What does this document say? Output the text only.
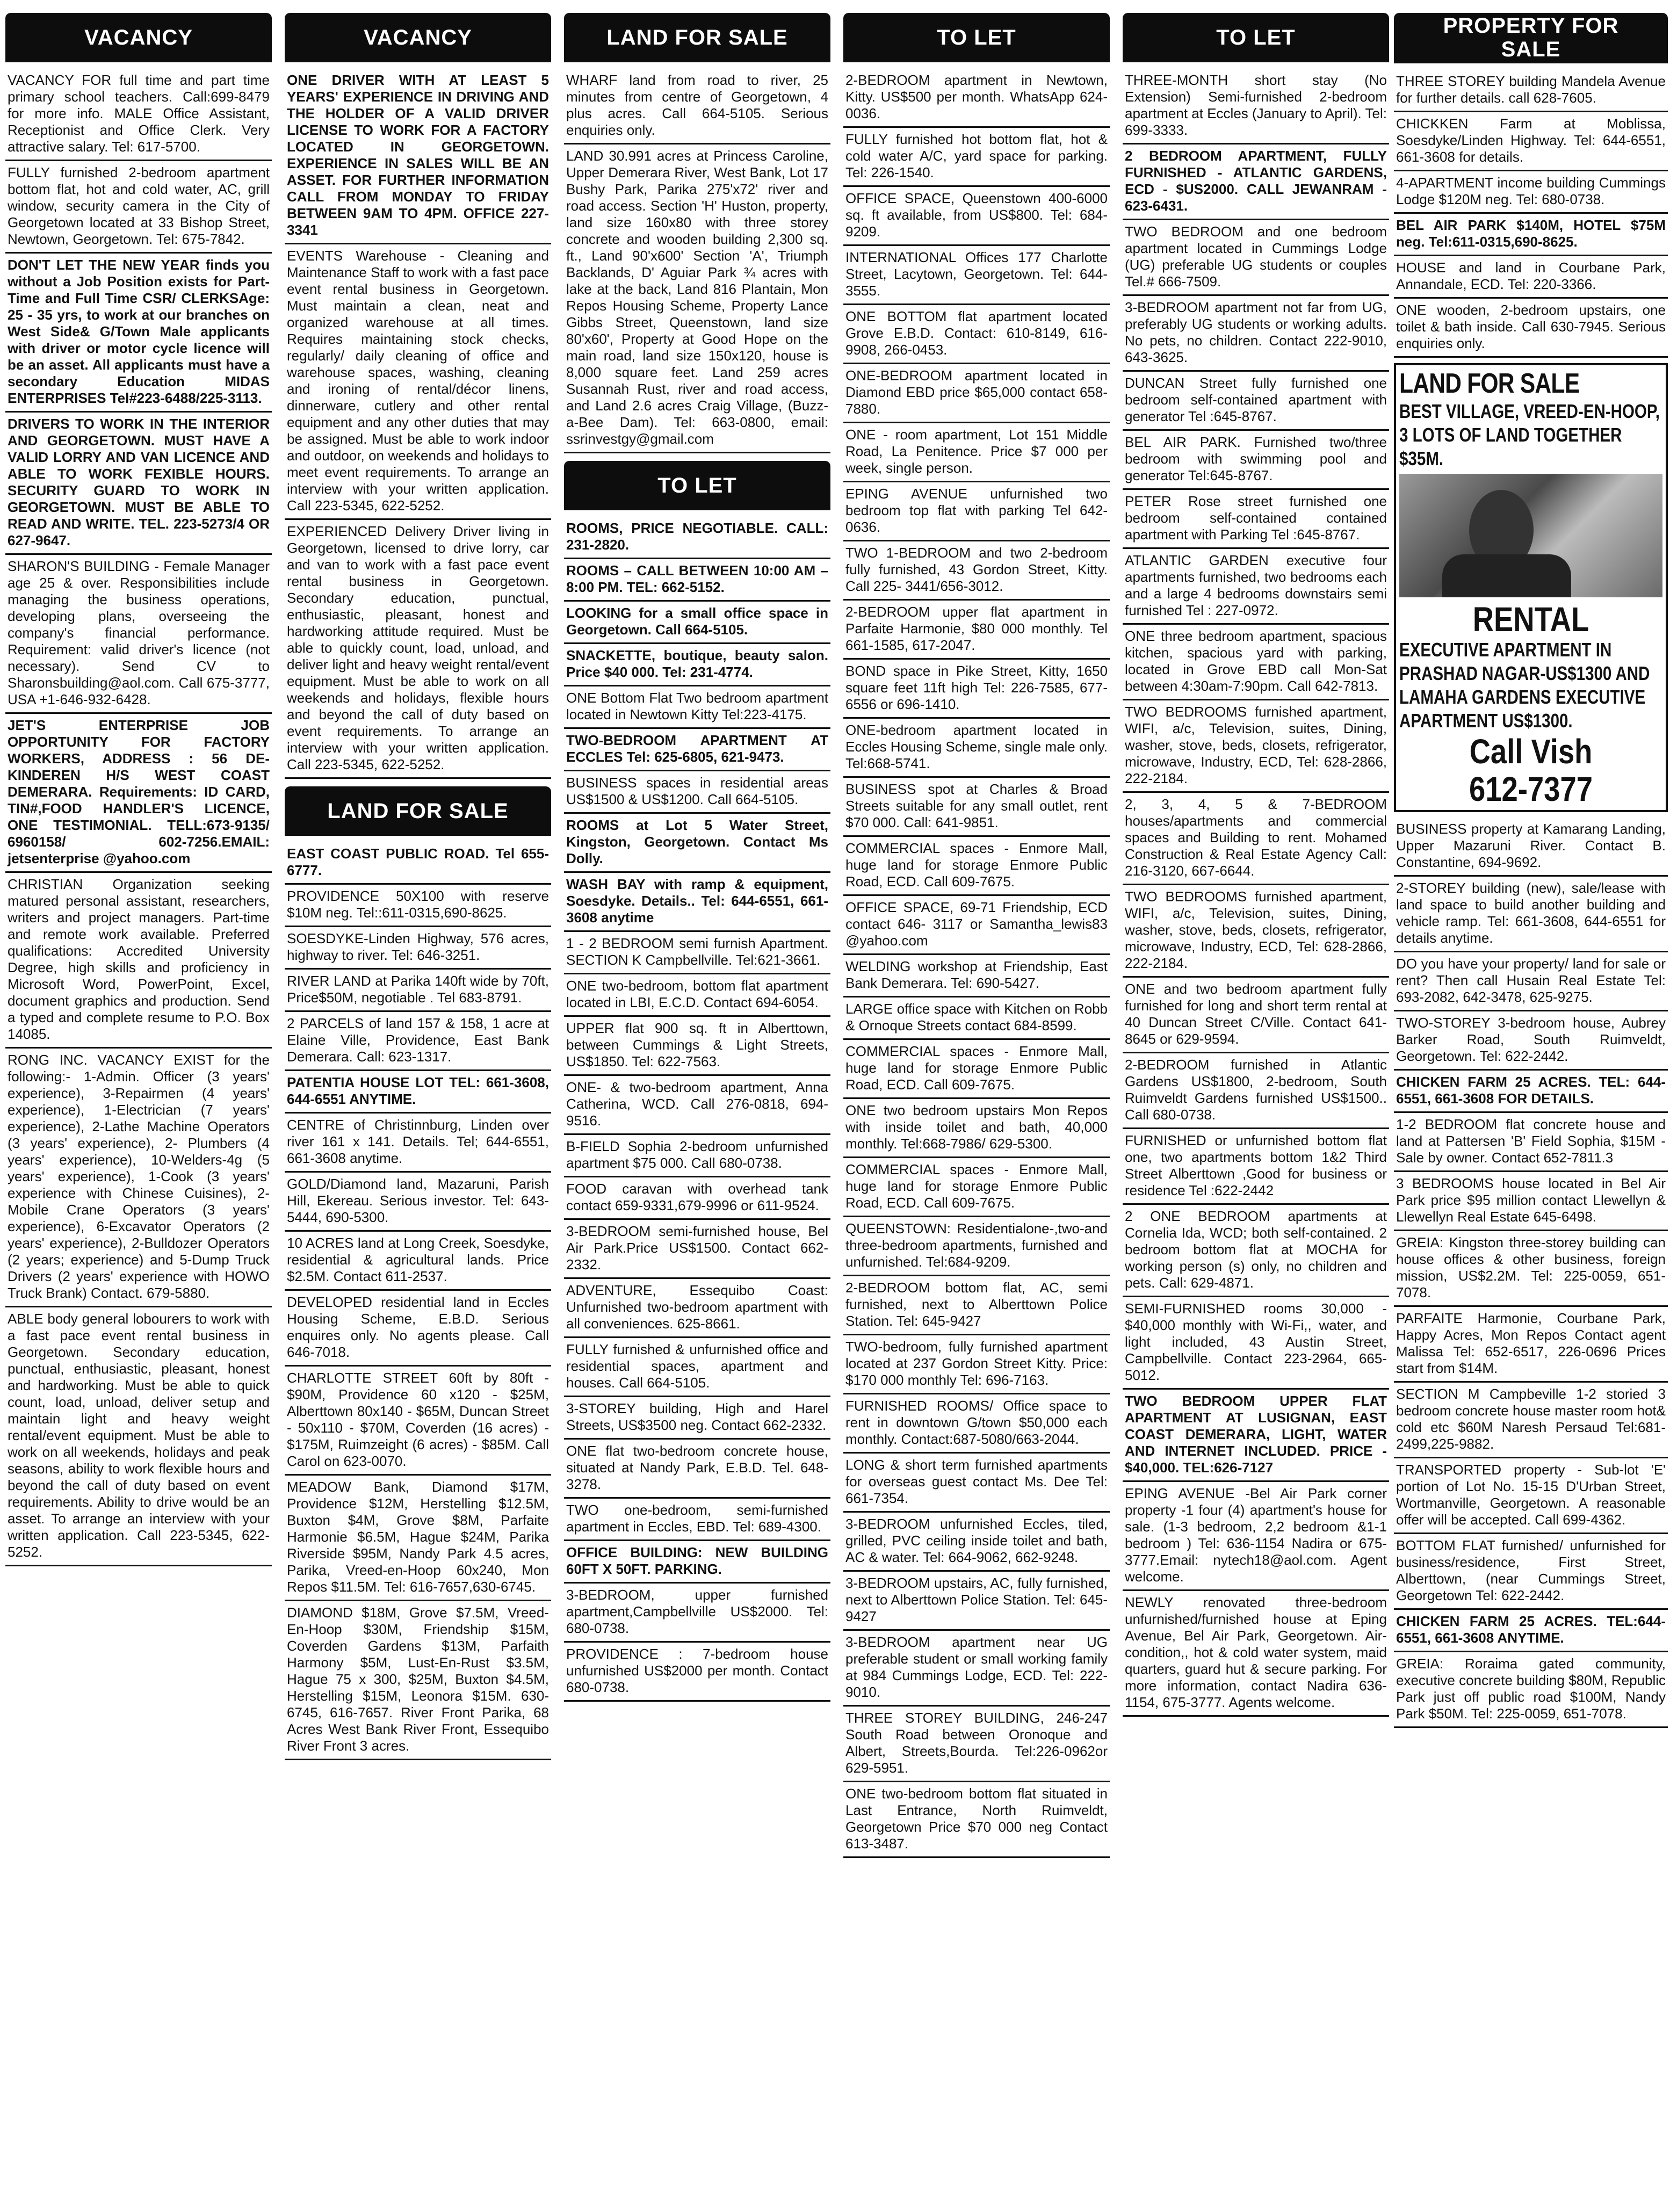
VACANCY
VACANCY FOR full time and part time primary school teachers. Call:699-8479 for more info. MALE Office Assistant, Receptionist and Office Clerk. Very attractive salary. Tel: 617-5700.
FULLY furnished 2-bedroom apartment bottom flat, hot and cold water, AC, grill window, security camera in the City of Georgetown located at 33 Bishop Street, Newtown, Georgetown. Tel: 675-7842.
DON'T LET THE NEW YEAR finds you without a Job Position exists for Part-Time and Full Time CSR/ CLERKSAge: 25 - 35 yrs, to work at our branches on West Side& G/Town Male applicants with driver or motor cycle licence will be an asset. All applicants must have a secondary Education MIDAS ENTERPRISES Tel#223-6488/225-3113.
DRIVERS TO WORK IN THE INTERIOR AND GEORGETOWN. MUST HAVE A VALID LORRY AND VAN LICENCE AND ABLE TO WORK FEXIBLE HOURS. SECURITY GUARD TO WORK IN GEORGETOWN. MUST BE ABLE TO READ AND WRITE. TEL. 223-5273/4 OR 627-9647.
SHARON'S BUILDING - Female Manager age 25 & over. Responsibilities include managing the business operations, developing plans, overseeing the company's financial performance. Requirement: valid driver's licence (not necessary). Send CV to Sharonsbuilding@aol.com. Call 675-3777, USA +1-646-932-6428.
JET'S ENTERPRISE JOB OPPORTUNITY FOR FACTORY WORKERS, ADDRESS : 56 DE-KINDEREN H/S WEST COAST DEMERARA. Requirements: ID CARD, TIN#,FOOD HANDLER'S LICENCE, ONE TESTIMONIAL. TELL:673-9135/ 6960158/ 602-7256.EMAIL: jetsenterprise @yahoo.com
CHRISTIAN Organization seeking matured personal assistant, researchers, writers and project managers. Part-time and remote work available. Preferred qualifications: Accredited University Degree, high skills and proficiency in Microsoft Word, PowerPoint, Excel, document graphics and production. Send a typed and complete resume to P.O. Box 14085.
RONG INC. VACANCY EXIST for the following:- 1-Admin. Officer (3 years' experience), 3-Repairmen (4 years' experience), 1-Electrician (7 years' experience), 2-Lathe Machine Operators (3 years' experience), 2- Plumbers (4 years' experience), 10-Welders-4g (5 years' experience), 1-Cook (3 years' experience with Chinese Cuisines), 2-Mobile Crane Operators (3 years' experience), 6-Excavator Operators (2 years' experience), 2-Bulldozer Operators (2 years; experience) and 5-Dump Truck Drivers (2 years' experience with HOWO Truck Brank) Contact. 679-5880.
ABLE body general lobourers to work with a fast pace event rental business in Georgetown. Secondary education, punctual, enthusiastic, pleasant, honest and hardworking. Must be able to quick count, load, unload, deliver setup and maintain light and heavy weight rental/event equipment. Must be able to work on all weekends, holidays and peak seasons, ability to work flexible hours and beyond the call of duty based on event requirements. Ability to drive would be an asset. To arrange an interview with your written application. Call 223-5345, 622-5252.
VACANCY
ONE DRIVER WITH AT LEAST 5 YEARS' EXPERIENCE IN DRIVING AND THE HOLDER OF A VALID DRIVER LICENSE TO WORK FOR A FACTORY LOCATED IN GEORGETOWN. EXPERIENCE IN SALES WILL BE AN ASSET. FOR FURTHER INFORMATION CALL FROM MONDAY TO FRIDAY BETWEEN 9AM TO 4PM. OFFICE 227-3341
EVENTS Warehouse - Cleaning and Maintenance Staff to work with a fast pace event rental business in Georgetown. Must maintain a clean, neat and organized warehouse at all times. Requires maintaining stock checks, regularly/ daily cleaning of office and warehouse spaces, washing, cleaning and ironing of rental/décor linens, dinnerware, cutlery and other rental equipment and any other duties that may be assigned. Must be able to work indoor and outdoor, on weekends and holidays to meet event requirements. To arrange an interview with your written application. Call 223-5345, 622-5252.
EXPERIENCED Delivery Driver living in Georgetown, licensed to drive lorry, car and van to work with a fast pace event rental business in Georgetown. Secondary education, punctual, enthusiastic, pleasant, honest and hardworking attitude required. Must be able to quickly count, load, unload, and deliver light and heavy weight rental/event equipment. Must be able to work on all weekends and holidays, flexible hours and beyond the call of duty based on event requirements. To arrange an interview with your written application. Call 223-5345, 622-5252.
LAND FOR SALE
EAST COAST PUBLIC ROAD. Tel 655-6777.
PROVIDENCE 50X100 with reserve $10M neg. Tel::611-0315,690-8625.
SOESDYKE-Linden Highway, 576 acres, highway to river. Tel: 646-3251.
RIVER LAND at Parika 140ft wide by 70ft, Price$50M, negotiable . Tel 683-8791.
2 PARCELS of land 157 & 158, 1 acre at Elaine Ville, Providence, East Bank Demerara. Call: 623-1317.
PATENTIA HOUSE LOT TEL: 661-3608, 644-6551 ANYTIME.
CENTRE of Christinnburg, Linden over river 161 x 141. Details. Tel; 644-6551, 661-3608 anytime.
GOLD/Diamond land, Mazaruni, Parish Hill, Ekereau. Serious investor. Tel: 643-5444, 690-5300.
10 ACRES land at Long Creek, Soesdyke, residential & agricultural lands. Price $2.5M. Contact 611-2537.
DEVELOPED residential land in Eccles Housing Scheme, E.B.D. Serious enquires only. No agents please. Call 646-7018.
CHARLOTTE STREET 60ft by 80ft - $90M, Providence 60 x120 - $25M, Alberttown 80x140 - $65M, Duncan Street - 50x110 - $70M, Coverden (16 acres) - $175M, Ruimzeight (6 acres) - $85M. Call Carol on 623-0070.
MEADOW Bank, Diamond $17M, Providence $12M, Herstelling $12.5M, Buxton $4M, Grove $8M, Parfaite Harmonie $6.5M, Hague $24M, Parika Riverside $95M, Nandy Park 4.5 acres, Parika, Vreed-en-Hoop 60x240, Mon Repos $11.5M. Tel: 616-7657,630-6745.
DIAMOND $18M, Grove $7.5M, Vreed-En-Hoop $30M, Friendship $15M, Coverden Gardens $13M, Parfaith Harmony $5M, Lust-En-Rust $3.5M, Hague 75 x 300, $25M, Buxton $4.5M, Herstelling $15M, Leonora $15M. 630-6745, 616-7657. River Front Parika, 68 Acres West Bank River Front, Essequibo River Front 3 acres.
LAND FOR SALE
WHARF land from road to river, 25 minutes from centre of Georgetown, 4 plus acres. Call 664-5105. Serious enquiries only.
LAND 30.991 acres at Princess Caroline, Upper Demerara River, West Bank, Lot 17 Bushy Park, Parika 275'x72' river and road access. Section 'H' Huston, property, land size 160x80 with three storey concrete and wooden building 2,300 sq. ft., Land 90'x600' Section 'A', Triumph Backlands, D' Aguiar Park ¾ acres with lake at the back, Land 816 Plantain, Mon Repos Housing Scheme, Property Lance Gibbs Street, Queenstown, land size 80'x60', Property at Good Hope on the main road, land size 150x120, house is 8,000 square feet. Land 259 acres Susannah Rust, river and road access, and Land 2.6 acres Craig Village, (Buzz-a-Bee Dam). Tel: 663-0800, email: ssrinvestgy@gmail.com
TO LET
ROOMS, PRICE NEGOTIABLE. CALL: 231-2820.
ROOMS – CALL BETWEEN 10:00 AM – 8:00 PM. TEL: 662-5152.
LOOKING for a small office space in Georgetown. Call 664-5105.
SNACKETTE, boutique, beauty salon. Price $40 000. Tel: 231-4774.
ONE Bottom Flat Two bedroom apartment located in Newtown Kitty Tel:223-4175.
TWO-BEDROOM APARTMENT AT ECCLES Tel: 625-6805, 621-9473.
BUSINESS spaces in residential areas US$1500 & US$1200. Call 664-5105.
ROOMS at Lot 5 Water Street, Kingston, Georgetown. Contact Ms Dolly.
WASH BAY with ramp & equipment, Soesdyke. Details.. Tel: 644-6551, 661-3608 anytime
1 - 2 BEDROOM semi furnish Apartment. SECTION K Campbellville. Tel:621-3661.
ONE two-bedroom, bottom flat apartment located in LBI, E.C.D. Contact 694-6054.
UPPER flat 900 sq. ft in Alberttown, between Cummings & Light Streets, US$1850. Tel: 622-7563.
ONE- & two-bedroom apartment, Anna Catherina, WCD. Call 276-0818, 694-9516.
B-FIELD Sophia 2-bedroom unfurnished apartment $75 000. Call 680-0738.
FOOD caravan with overhead tank contact 659-9331,679-9996 or 611-9524.
3-BEDROOM semi-furnished house, Bel Air Park.Price US$1500. Contact 662-2332.
ADVENTURE, Essequibo Coast: Unfurnished two-bedroom apartment with all conveniences. 625-8661.
FULLY furnished & unfurnished office and residential spaces, apartment and houses. Call 664-5105.
3-STOREY building, High and Harel Streets, US$3500 neg. Contact 662-2332.
ONE flat two-bedroom concrete house, situated at Nandy Park, E.B.D. Tel. 648-3278.
TWO one-bedroom, semi-furnished apartment in Eccles, EBD. Tel: 689-4300.
OFFICE BUILDING: NEW BUILDING 60FT X 50FT. PARKING.
3-BEDROOM, upper furnished apartment,Campbellville US$2000. Tel: 680-0738.
PROVIDENCE : 7-bedroom house unfurnished US$2000 per month. Contact 680-0738.
TO LET
2-BEDROOM apartment in Newtown, Kitty. US$500 per month. WhatsApp 624-0036.
FULLY furnished hot bottom flat, hot & cold water A/C, yard space for parking. Tel: 226-1540.
OFFICE SPACE, Queenstown 400-6000 sq. ft available, from US$800. Tel: 684-9209.
INTERNATIONAL Offices 177 Charlotte Street, Lacytown, Georgetown. Tel: 644-3555.
ONE BOTTOM flat apartment located Grove E.B.D. Contact: 610-8149, 616-9908, 266-0453.
ONE-BEDROOM apartment located in Diamond EBD price $65,000 contact 658-7880.
ONE - room apartment, Lot 151 Middle Road, La Penitence. Price $7 000 per week, single person.
EPING AVENUE unfurnished two bedroom top flat with parking Tel 642-0636.
TWO 1-BEDROOM and two 2-bedroom fully furnished, 43 Gordon Street, Kitty. Call 225- 3441/656-3012.
2-BEDROOM upper flat apartment in Parfaite Harmonie, $80 000 monthly. Tel 661-1585, 617-2047.
BOND space in Pike Street, Kitty, 1650 square feet 11ft high Tel: 226-7585, 677-6556 or 696-1410.
ONE-bedroom apartment located in Eccles Housing Scheme, single male only. Tel:668-5741.
BUSINESS spot at Charles & Broad Streets suitable for any small outlet, rent $70 000. Call: 641-9851.
COMMERCIAL spaces - Enmore Mall, huge land for storage Enmore Public Road, ECD. Call 609-7675.
OFFICE SPACE, 69-71 Friendship, ECD contact 646- 3117 or Samantha_lewis83 @yahoo.com
WELDING workshop at Friendship, East Bank Demerara. Tel: 690-5427.
LARGE office space with Kitchen on Robb & Ornoque Streets contact 684-8599.
COMMERCIAL spaces - Enmore Mall, huge land for storage Enmore Public Road, ECD. Call 609-7675.
ONE two bedroom upstairs Mon Repos with inside toilet and bath, 40,000 monthly. Tel:668-7986/ 629-5300.
COMMERCIAL spaces - Enmore Mall, huge land for storage Enmore Public Road, ECD. Call 609-7675.
QUEENSTOWN: Residentialone-,two-and three-bedroom apartments, furnished and unfurnished. Tel:684-9209.
2-BEDROOM bottom flat, AC, semi furnished, next to Alberttown Police Station. Tel: 645-9427
TWO-bedroom, fully furnished apartment located at 237 Gordon Street Kitty. Price: $170 000 monthly Tel: 696-7163.
FURNISHED ROOMS/ Office space to rent in downtown G/town $50,000 each monthly. Contact:687-5080/663-2044.
LONG & short term furnished apartments for overseas guest contact Ms. Dee Tel: 661-7354.
3-BEDROOM unfurnished Eccles, tiled, grilled, PVC ceiling inside toilet and bath, AC & water. Tel: 664-9062, 662-9248.
3-BEDROOM upstairs, AC, fully furnished, next to Alberttown Police Station. Tel: 645-9427
3-BEDROOM apartment near UG preferable student or small working family at 984 Cummings Lodge, ECD. Tel: 222-9010.
THREE STOREY BUILDING, 246-247 South Road between Oronoque and Albert, Streets,Bourda. Tel:226-0962or 629-5951.
ONE two-bedroom bottom flat situated in Last Entrance, North Ruimveldt, Georgetown Price $70 000 neg Contact 613-3487.
TO LET
THREE-MONTH short stay (No Extension) Semi-furnished 2-bedroom apartment at Eccles (January to April). Tel: 699-3333.
2 BEDROOM APARTMENT, FULLY FURNISHED - ATLANTIC GARDENS, ECD - $US2000. CALL JEWANRAM - 623-6431.
TWO BEDROOM and one bedroom apartment located in Cummings Lodge (UG) preferable UG students or couples Tel.# 666-7509.
3-BEDROOM apartment not far from UG, preferably UG students or working adults. No pets, no children. Contact 222-9010, 643-3625.
DUNCAN Street fully furnished one bedroom self-contained apartment with generator Tel :645-8767.
BEL AIR PARK. Furnished two/three bedroom with swimming pool and generator Tel:645-8767.
PETER Rose street furnished one bedroom self-contained contained apartment with Parking Tel :645-8767.
ATLANTIC GARDEN executive four apartments furnished, two bedrooms each and a large 4 bedrooms downstairs semi furnished Tel : 227-0972.
ONE three bedroom apartment, spacious kitchen, spacious yard with parking, located in Grove EBD call Mon-Sat between 4:30am-7:90pm. Call 642-7813.
TWO BEDROOMS furnished apartment, WIFI, a/c, Television, suites, Dining, washer, stove, beds, closets, refrigerator, microwave, Industry, ECD, Tel: 628-2866, 222-2184.
2, 3, 4, 5 & 7-BEDROOM houses/apartments and commercial spaces and Building to rent. Mohamed Construction & Real Estate Agency Call: 216-3120, 667-6644.
TWO BEDROOMS furnished apartment, WIFI, a/c, Television, suites, Dining, washer, stove, beds, closets, refrigerator, microwave, Industry, ECD, Tel: 628-2866, 222-2184.
ONE and two bedroom apartment fully furnished for long and short term rental at 40 Duncan Street C/Ville. Contact 641-8645 or 629-9594.
2-BEDROOM furnished in Atlantic Gardens US$1800, 2-bedroom, South Ruimveldt Gardens furnished US$1500.. Call 680-0738.
FURNISHED or unfurnished bottom flat one, two apartments bottom 1&2 Third Street Alberttown ,Good for business or residence Tel :622-2442
2 ONE BEDROOM apartments at Cornelia Ida, WCD; both self-contained. 2 bedroom bottom flat at MOCHA for working person (s) only, no children and pets. Call: 629-4871.
SEMI-FURNISHED rooms 30,000 - $40,000 monthly with Wi-Fi,, water, and light included, 43 Austin Street, Campbellville. Contact 223-2964, 665-5012.
TWO BEDROOM UPPER FLAT APARTMENT AT LUSIGNAN, EAST COAST DEMERARA, LIGHT, WATER AND INTERNET INCLUDED. PRICE - $40,000. TEL:626-7127
EPING AVENUE -Bel Air Park corner property -1 four (4) apartment's house for sale. (1-3 bedroom, 2,2 bedroom &1-1 bedroom ) Tel: 636-1154 Nadira or 675-3777.Email: nytech18@aol.com. Agent welcome.
NEWLY renovated three-bedroom unfurnished/furnished house at Eping Avenue, Bel Air Park, Georgetown. Air-condition,, hot & cold water system, maid quarters, guard hut & secure parking. For more information, contact Nadira 636-1154, 675-3777. Agents welcome.
PROPERTY FOR
SALE
THREE STOREY building Mandela Avenue for further details. call 628-7605.
CHICKKEN Farm at Moblissa, Soesdyke/Linden Highway. Tel: 644-6551, 661-3608 for details.
4-APARTMENT income building Cummings Lodge $120M neg. Tel: 680-0738.
BEL AIR PARK $140M, HOTEL $75M neg. Tel:611-0315,690-8625.
HOUSE and land in Courbane Park, Annandale, ECD. Tel: 220-3366.
ONE wooden, 2-bedroom upstairs, one toilet & bath inside. Call 630-7945. Serious enquiries only.
LAND FOR SALE
BEST VILLAGE, VREED-EN-HOOP, 3 LOTS OF LAND TOGETHER $35M.
RENTAL
EXECUTIVE APARTMENT IN PRASHAD NAGAR-US$1300 AND LAMAHA GARDENS EXECUTIVE APARTMENT US$1300.
Call Vish
612-7377
BUSINESS property at Kamarang Landing, Upper Mazaruni River. Contact B. Constantine, 694-9692.
2-STOREY building (new), sale/lease with land space to build another building and vehicle ramp. Tel: 661-3608, 644-6551 for details anytime.
DO you have your property/ land for sale or rent? Then call Husain Real Estate Tel: 693-2082, 642-3478, 625-9275.
TWO-STOREY 3-bedroom house, Aubrey Barker Road, South Ruimveldt, Georgetown. Tel: 622-2442.
CHICKEN FARM 25 ACRES. TEL: 644-6551, 661-3608 FOR DETAILS.
1-2 BEDROOM flat concrete house and land at Pattersen 'B' Field Sophia, $15M - Sale by owner. Contact 652-7811.3
3 BEDROOMS house located in Bel Air Park price $95 million contact Llewellyn & Llewellyn Real Estate 645-6498.
GREIA: Kingston three-storey building can house offices & other business, foreign mission, US$2.2M. Tel: 225-0059, 651-7078.
PARFAITE Harmonie, Courbane Park, Happy Acres, Mon Repos Contact agent Malissa Tel: 652-6517, 226-0696 Prices start from $14M.
SECTION M Campbeville 1-2 storied 3 bedroom concrete house master room hot& cold etc $60M Naresh Persaud Tel:681-2499,225-9882.
TRANSPORTED property - Sub-lot 'E' portion of Lot No. 15-15 D'Urban Street, Wortmanville, Georgetown. A reasonable offer will be accepted. Call 699-4362.
BOTTOM FLAT furnished/ unfurnished for business/residence, First Street, Alberttown, (near Cummings Street, Georgetown Tel: 622-2442.
CHICKEN FARM 25 ACRES. TEL:644-6551, 661-3608 ANYTIME.
GREIA: Roraima gated community, executive concrete building $80M, Republic Park just off public road $100M, Nandy Park $50M. Tel: 225-0059, 651-7078.
